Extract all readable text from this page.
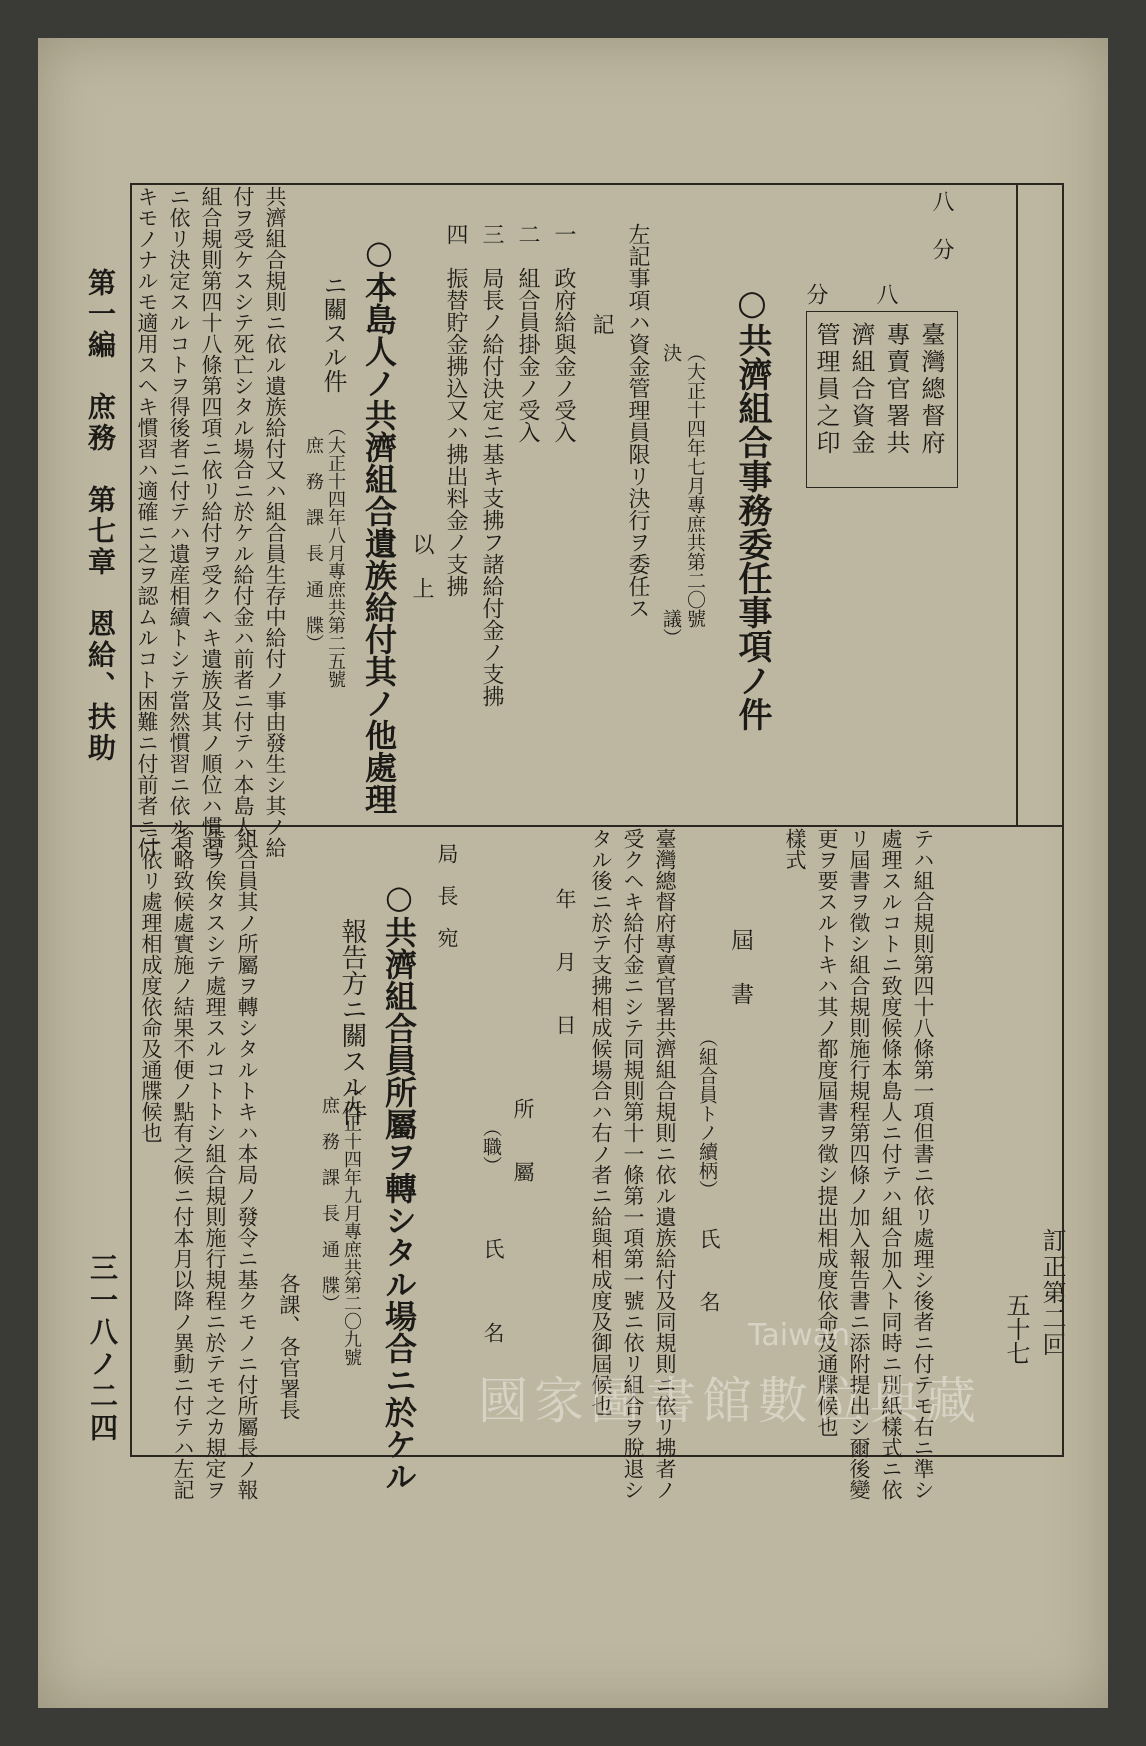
訂正第二回
五十七
第一編　庶務　第七章　恩給、扶助
三一八ノ二四
八
分
八
分
臺灣總督府
專賣官署共
濟組合資金
管理員之印
○共濟組合事務委任事項ノ件
（大正十四年七月專庶共第二〇號
決　　　　　　　　　　　　　議）
左記事項ハ資金管理員限リ決行ヲ委任ス
記
一　政府給與金ノ受入
二　組合員掛金ノ受入
三　局長ノ給付決定ニ基キ支拂フ諸給付金ノ支拂
四　振替貯金拂込又ハ拂出料金ノ支拂
以　上
○本島人ノ共濟組合遺族給付其ノ他處理
ニ關スル件
（大正十四年八月專庶共第二五號
　庶　務　課　長　通　牒）
共濟組合規則ニ依ル遺族給付又ハ組合員生存中給付ノ事由發生シ其ノ給
付ヲ受ケスシテ死亡シタル場合ニ於ケル給付金ハ前者ニ付テハ本島人ハ
組合規則第四十八條第四項ニ依リ給付ヲ受クヘキ遺族及其ノ順位ハ慣習
ニ依リ決定スルコトヲ得後者ニ付テハ遺産相續トシテ當然慣習ニ依ルヘ
キモノナルモ適用スヘキ慣習ハ適確ニ之ヲ認ムルコト困難ニ付前者ニ付
テハ組合規則第四十八條第一項但書ニ依リ處理シ後者ニ付テモ右ニ準シ
處理スルコトニ致度候條本島人ニ付テハ組合加入ト同時ニ別紙樣式ニ依
リ屆書ヲ徵シ組合規則施行規程第四條ノ加入報告書ニ添附提出シ爾後變
更ヲ要スルトキハ其ノ都度屆書ヲ徵シ提出相成度依命及通牒候也
樣式
屆　書
（組合員トノ續柄）
氏　　名
臺灣總督府專賣官署共濟組合規則ニ依ル遺族給付及同規則ニ依リ拂者ノ
受クヘキ給付金ニシテ同規則第十一條第一項第一號ニ依リ組合ヲ脫退シ
タル後ニ於テ支拂相成候場合ハ右ノ者ニ給與相成度及御屆候也
年　　月　　日
所　　屬
（職）
氏　　　名
局　長　宛
○共濟組合員所屬ヲ轉シタル場合ニ於ケル
報告方ニ關スル件
（大正十四年九月專庶共第二〇九號
　庶　務　課　長　通　牒）
各課、各官署長
組合員其ノ所屬ヲ轉シタルトキハ本局ノ發令ニ基クモノニ付所屬長ノ報
告ヲ俟タスシテ處理スルコトトシ組合規則施行規程ニ於テモ之カ規定ヲ
省略致候處實施ノ結果不便ノ點有之候ニ付本月以降ノ異動ニ付テハ左記
ニ依リ處理相成度依命及通牒候也
Taiwan
國家圖書館數位典藏
